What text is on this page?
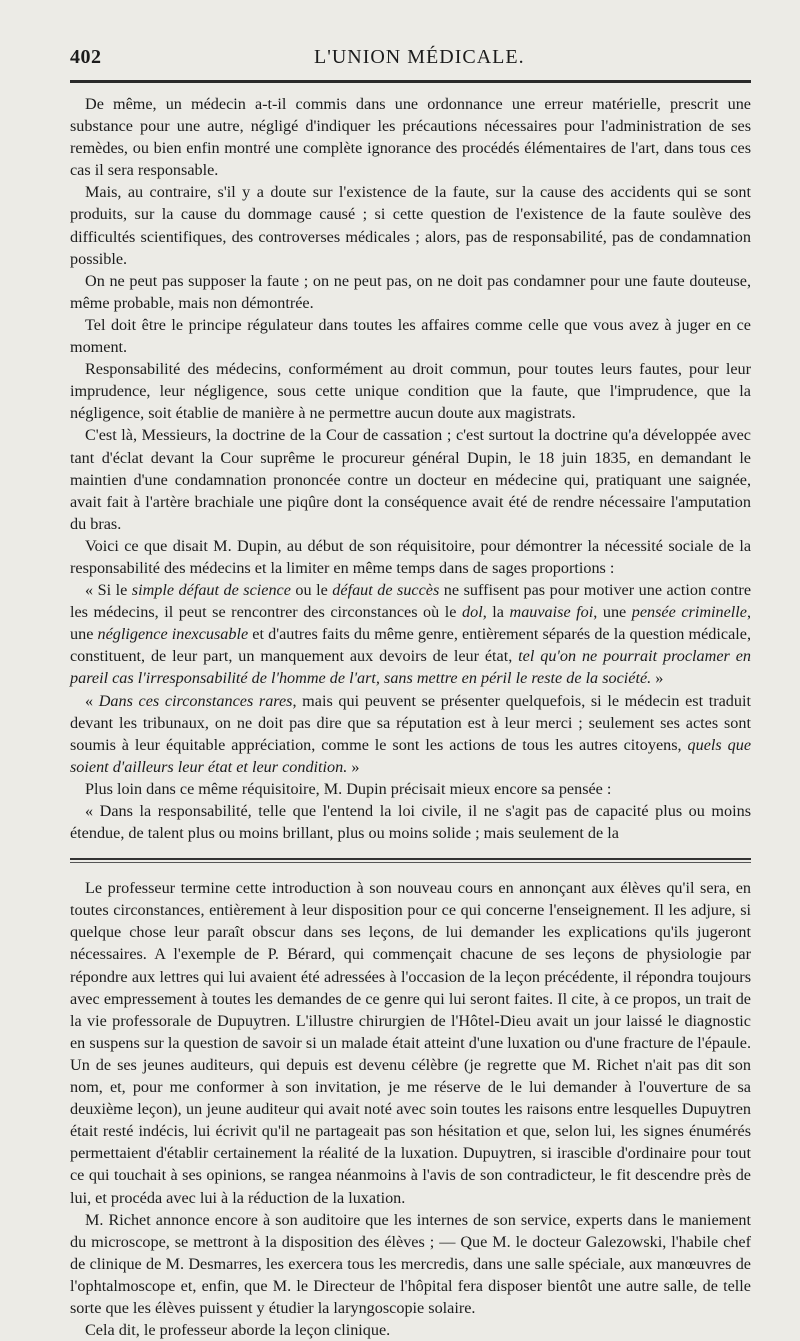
402	L'UNION MÉDICALE.

De même, un médecin a-t-il commis dans une ordonnance une erreur matérielle, prescrit une substance pour une autre, négligé d'indiquer les précautions nécessaires pour l'administration de ses remèdes, ou bien enfin montré une complète ignorance des procédés élémentaires de l'art, dans tous ces cas il sera responsable.

Mais, au contraire, s'il y a doute sur l'existence de la faute, sur la cause des accidents qui se sont produits, sur la cause du dommage causé ; si cette question de l'existence de la faute soulève des difficultés scientifiques, des controverses médicales ; alors, pas de responsabilité, pas de condamnation possible.

On ne peut pas supposer la faute ; on ne peut pas, on ne doit pas condamner pour une faute douteuse, même probable, mais non démontrée.

Tel doit être le principe régulateur dans toutes les affaires comme celle que vous avez à juger en ce moment.

Responsabilité des médecins, conformément au droit commun, pour toutes leurs fautes, pour leur imprudence, leur négligence, sous cette unique condition que la faute, que l'imprudence, que la négligence, soit établie de manière à ne permettre aucun doute aux magistrats.

C'est là, Messieurs, la doctrine de la Cour de cassation ; c'est surtout la doctrine qu'a développée avec tant d'éclat devant la Cour suprême le procureur général Dupin, le 18 juin 1835, en demandant le maintien d'une condamnation prononcée contre un docteur en médecine qui, pratiquant une saignée, avait fait à l'artère brachiale une piqûre dont la conséquence avait été de rendre nécessaire l'amputation du bras.

Voici ce que disait M. Dupin, au début de son réquisitoire, pour démontrer la nécessité sociale de la responsabilité des médecins et la limiter en même temps dans de sages proportions :

« Si le simple défaut de science ou le défaut de succès ne suffisent pas pour motiver une action contre les médecins, il peut se rencontrer des circonstances où le dol, la mauvaise foi, une pensée criminelle, une négligence inexcusable et d'autres faits du même genre, entièrement séparés de la question médicale, constituent, de leur part, un manquement aux devoirs de leur état, tel qu'on ne pourrait proclamer en pareil cas l'irresponsabilité de l'homme de l'art, sans mettre en péril le reste de la société. »

« Dans ces circonstances rares, mais qui peuvent se présenter quelquefois, si le médecin est traduit devant les tribunaux, on ne doit pas dire que sa réputation est à leur merci ; seulement ses actes sont soumis à leur équitable appréciation, comme le sont les actions de tous les autres citoyens, quels que soient d'ailleurs leur état et leur condition. »

Plus loin dans ce même réquisitoire, M. Dupin précisait mieux encore sa pensée :

« Dans la responsabilité, telle que l'entend la loi civile, il ne s'agit pas de capacité plus ou moins étendue, de talent plus ou moins brillant, plus ou moins solide ; mais seulement de la

Le professeur termine cette introduction à son nouveau cours en annonçant aux élèves qu'il sera, en toutes circonstances, entièrement à leur disposition pour ce qui concerne l'enseignement. Il les adjure, si quelque chose leur paraît obscur dans ses leçons, de lui demander les explications qu'ils jugeront nécessaires. A l'exemple de P. Bérard, qui commençait chacune de ses leçons de physiologie par répondre aux lettres qui lui avaient été adressées à l'occasion de la leçon précédente, il répondra toujours avec empressement à toutes les demandes de ce genre qui lui seront faites. Il cite, à ce propos, un trait de la vie professorale de Dupuytren. L'illustre chirurgien de l'Hôtel-Dieu avait un jour laissé le diagnostic en suspens sur la question de savoir si un malade était atteint d'une luxation ou d'une fracture de l'épaule. Un de ses jeunes auditeurs, qui depuis est devenu célèbre (je regrette que M. Richet n'ait pas dit son nom, et, pour me conformer à son invitation, je me réserve de le lui demander à l'ouverture de sa deuxième leçon), un jeune auditeur qui avait noté avec soin toutes les raisons entre lesquelles Dupuytren était resté indécis, lui écrivit qu'il ne partageait pas son hésitation et que, selon lui, les signes énumérés permettaient d'établir certainement la réalité de la luxation. Dupuytren, si irascible d'ordinaire pour tout ce qui touchait à ses opinions, se rangea néanmoins à l'avis de son contradicteur, le fit descendre près de lui, et procéda avec lui à la réduction de la luxation.

M. Richet annonce encore à son auditoire que les internes de son service, experts dans le maniement du microscope, se mettront à la disposition des élèves ; — Que M. le docteur Galezowski, l'habile chef de clinique de M. Desmarres, les exercera tous les mercredis, dans une salle spéciale, aux manœuvres de l'ophtalmoscope et, enfin, que M. le Directeur de l'hôpital fera disposer bientôt une autre salle, de telle sorte que les élèves puissent y étudier la laryngoscopie solaire.

Cela dit, le professeur aborde la leçon clinique.
